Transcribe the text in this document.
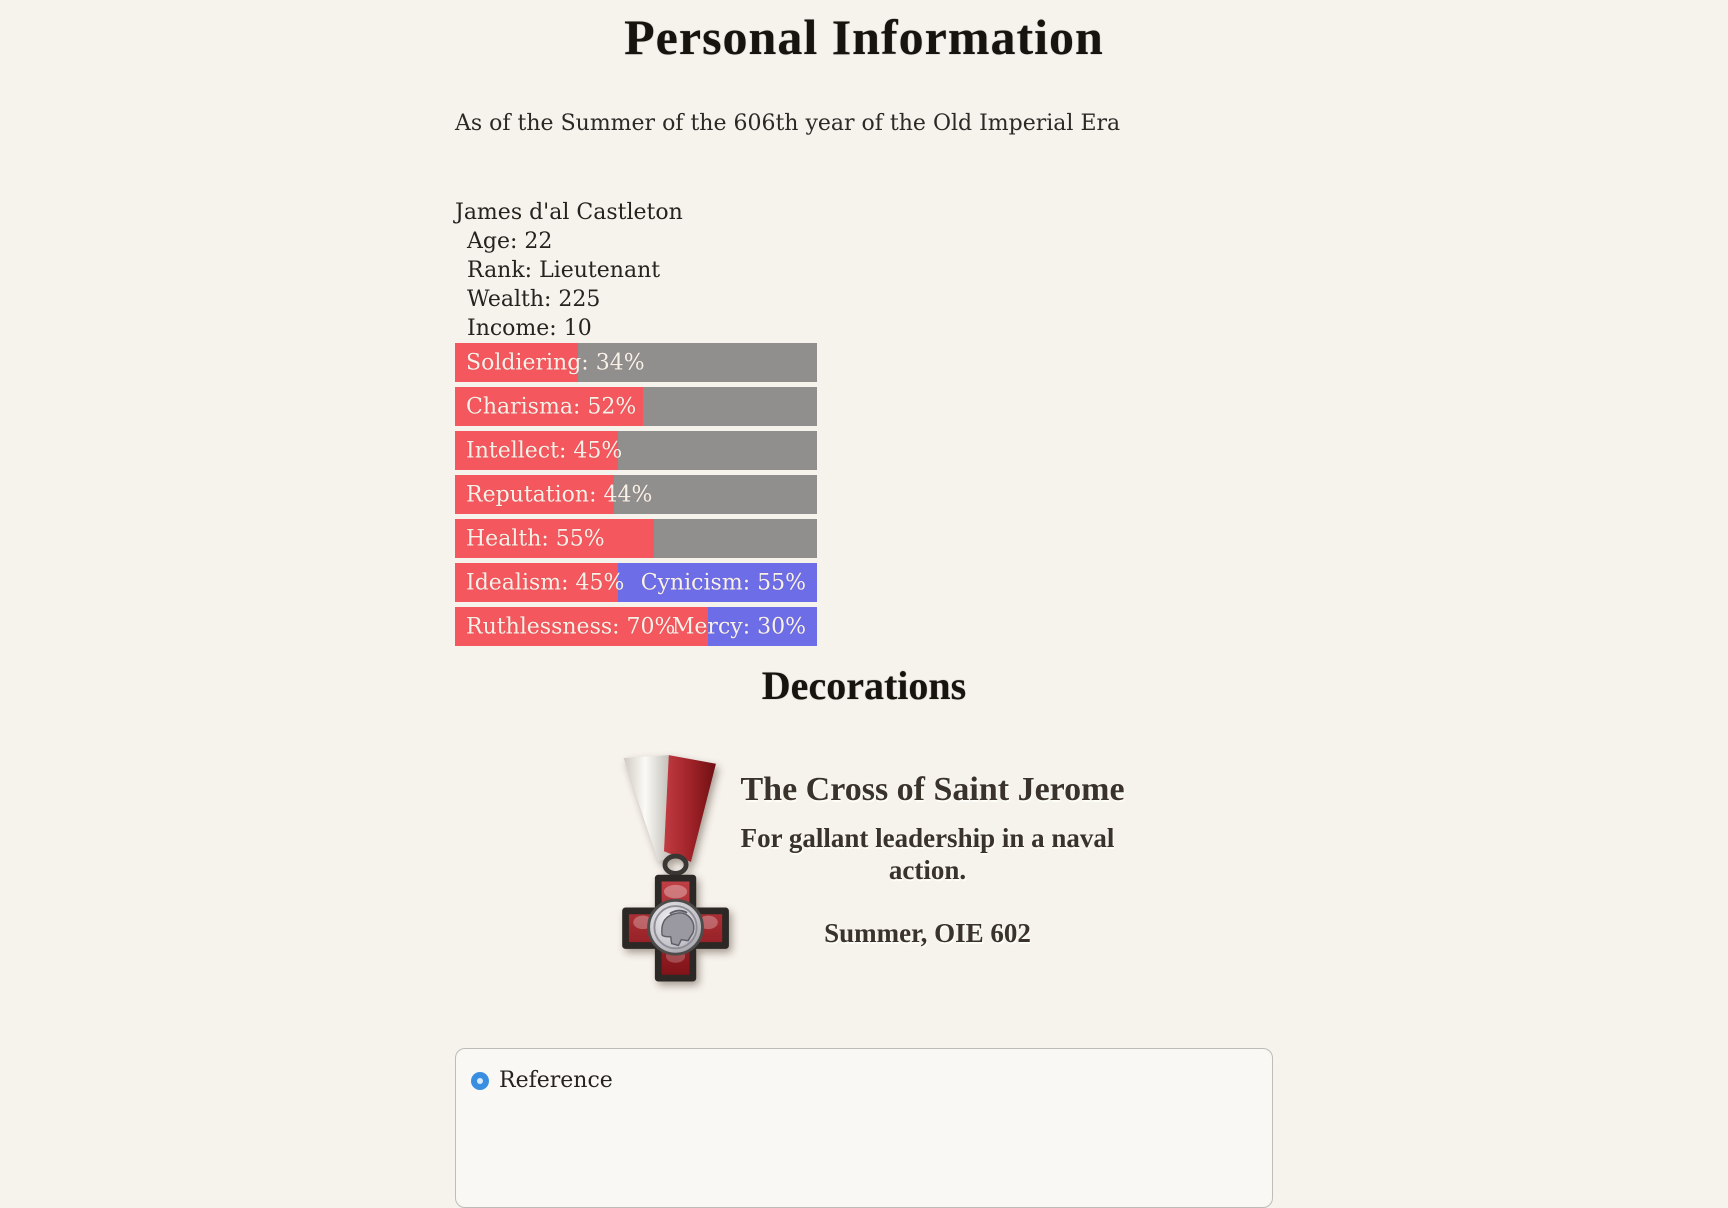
Personal Information
As of the Summer of the 606th year of the Old Imperial Era
James d'al Castleton
Age: 22
Rank: Lieutenant
Wealth: 225
Income: 10
Soldiering: 34%
Charisma: 52%
Intellect: 45%
Reputation: 44%
Health: 55%
Idealism: 45% Cynicism: 55%
Ruthlessness: 70%
Mercy: 30%
Decorations
The Cross of Saint Jerome
For gallant leadership in a naval action.
Summer, OIE 602
Reference
